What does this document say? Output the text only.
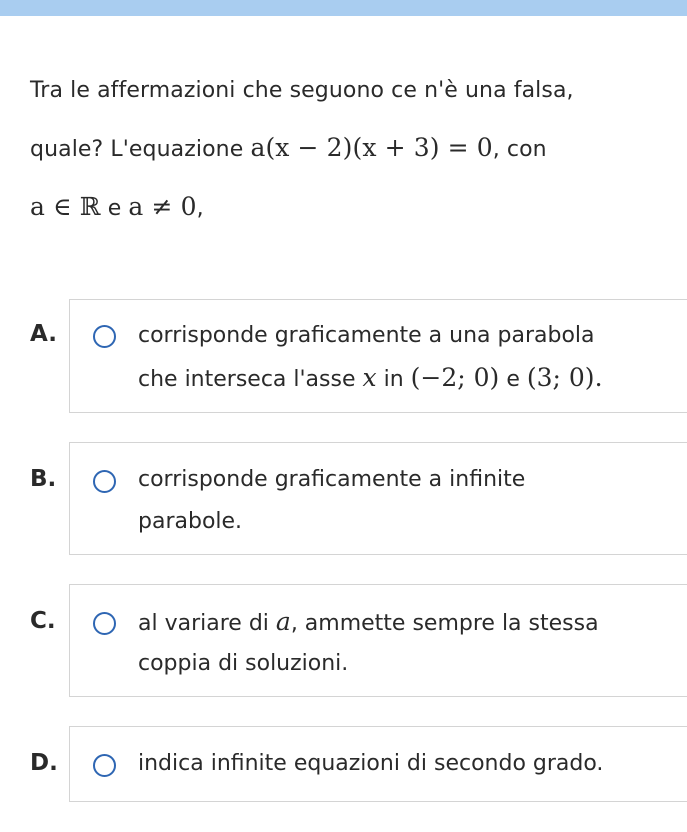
Tra le affermazioni che seguono ce n'è una falsa,
quale? L'equazione a(x − 2)(x + 3) = 0, con
a ∈ ℝ e a ≠ 0,
A.	corrisponde graficamente a una parabola
che interseca l'asse x in (−2; 0) e (3; 0).
B.	corrisponde graficamente a infinite
parabole.
C.	al variare di a, ammette sempre la stessa
coppia di soluzioni.
D.	indica infinite equazioni di secondo grado.
